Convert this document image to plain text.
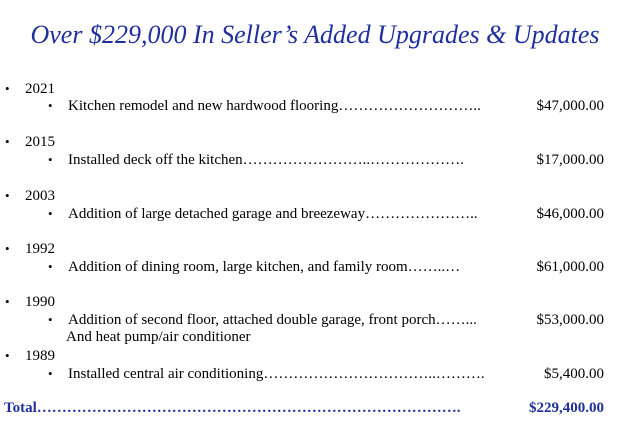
Over $229,000 In Seller’s Added Upgrades & Updates
• 2021
• Kitchen remodel and new hardwood flooring………………………..	$47,000.00
• 2015
• Installed deck off the kitchen……………………..……………….	$17,000.00
• 2003
• Addition of large detached garage and breezeway…………………..	$46,000.00
• 1992
• Addition of dining room, large kitchen, and family room……..…	$61,000.00
• 1990
• Addition of second floor, attached double garage, front porch……...	$53,000.00
And heat pump/air conditioner
• 1989
• Installed central air conditioning……………………………..……….	$5,400.00
Total………………………………………………………………………….	$229,400.00
